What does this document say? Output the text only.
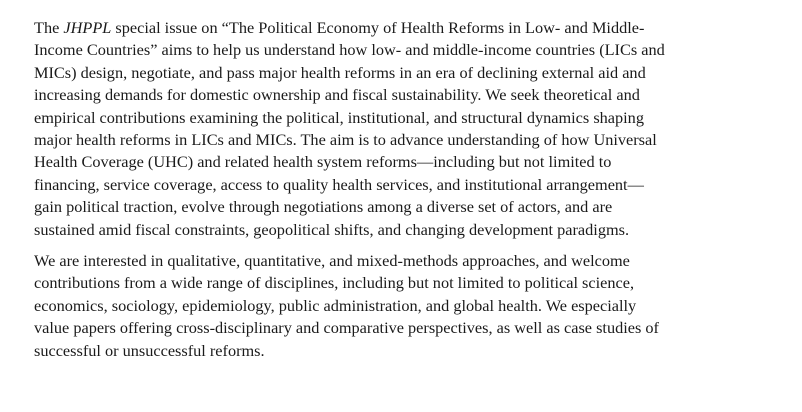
The JHPPL special issue on “The Political Economy of Health Reforms in Low- and Middle-
Income Countries” aims to help us understand how low- and middle-income countries (LICs and
MICs) design, negotiate, and pass major health reforms in an era of declining external aid and
increasing demands for domestic ownership and fiscal sustainability. We seek theoretical and
empirical contributions examining the political, institutional, and structural dynamics shaping
major health reforms in LICs and MICs. The aim is to advance understanding of how Universal
Health Coverage (UHC) and related health system reforms—including but not limited to
financing, service coverage, access to quality health services, and institutional arrangement—
gain political traction, evolve through negotiations among a diverse set of actors, and are
sustained amid fiscal constraints, geopolitical shifts, and changing development paradigms.

We are interested in qualitative, quantitative, and mixed-methods approaches, and welcome
contributions from a wide range of disciplines, including but not limited to political science,
economics, sociology, epidemiology, public administration, and global health. We especially
value papers offering cross-disciplinary and comparative perspectives, as well as case studies of
successful or unsuccessful reforms.
